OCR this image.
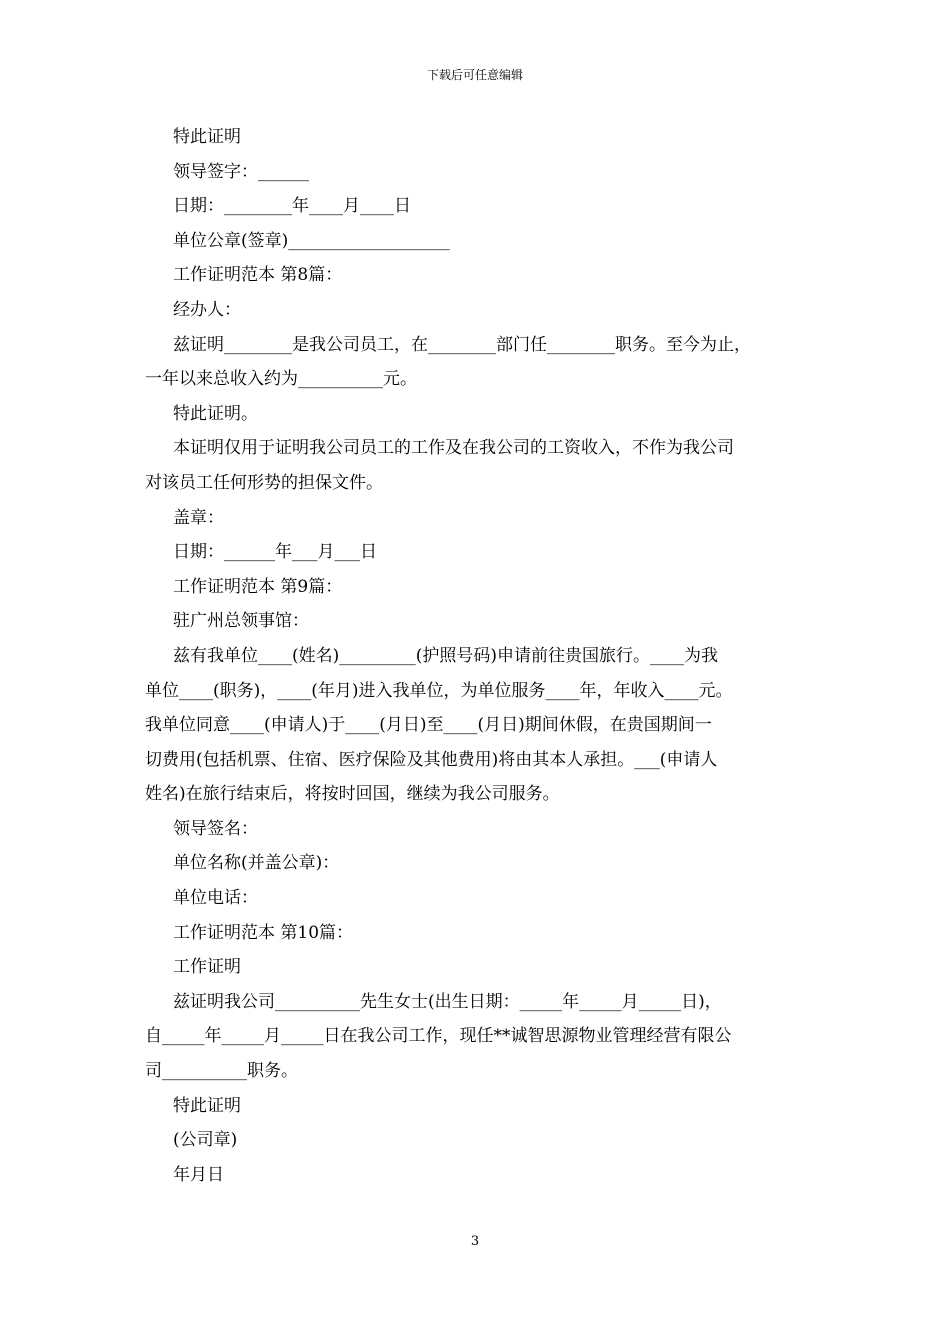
下载后可任意编辑
特此证明
领导签字：______
日期：________年____月____日
单位公章(签章)___________________
工作证明范本 第8篇：
经办人：
兹证明________是我公司员工，在________部门任________职务。至今为止，
一年以来总收入约为__________元。
特此证明。
本证明仅用于证明我公司员工的工作及在我公司的工资收入，不作为我公司
对该员工任何形势的担保文件。
盖章：
日期：______年___月___日
工作证明范本 第9篇：
驻广州总领事馆：
兹有我单位____(姓名)_________(护照号码)申请前往贵国旅行。____为我
单位____(职务)，____(年月)进入我单位，为单位服务____年，年收入____元。
我单位同意____(申请人)于____(月日)至____(月日)期间休假，在贵国期间一
切费用(包括机票、住宿、医疗保险及其他费用)将由其本人承担。___(申请人
姓名)在旅行结束后，将按时回国，继续为我公司服务。
领导签名：
单位名称(并盖公章)：
单位电话：
工作证明范本 第10篇：
工作证明
兹证明我公司__________先生女士(出生日期：_____年_____月_____日)，
自_____年_____月_____日在我公司工作，现任**诚智思源物业管理经营有限公
司__________职务。
特此证明
(公司章)
年月日
3
